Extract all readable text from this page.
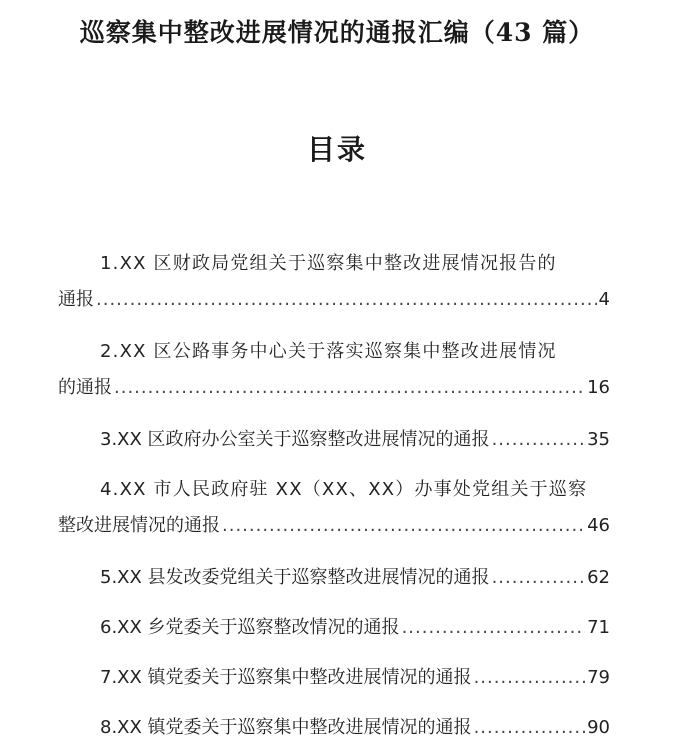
巡察集中整改进展情况的通报汇编（43 篇）
目录
1.XX 区财政局党组关于巡察集中整改进展情况报告的
通报 .....	4
2.XX 区公路事务中心关于落实巡察集中整改进展情况
的通报 .....	16
3.XX 区政府办公室关于巡察整改进展情况的通报 .....	35
4.XX 市人民政府驻 XX（XX、XX）办事处党组关于巡察
整改进展情况的通报 .....	46
5.XX 县发改委党组关于巡察整改进展情况的通报 .....	62
6.XX 乡党委关于巡察整改情况的通报 .....	71
7.XX 镇党委关于巡察集中整改进展情况的通报 .....	79
8.XX 镇党委关于巡察集中整改进展情况的通报 .....	90
